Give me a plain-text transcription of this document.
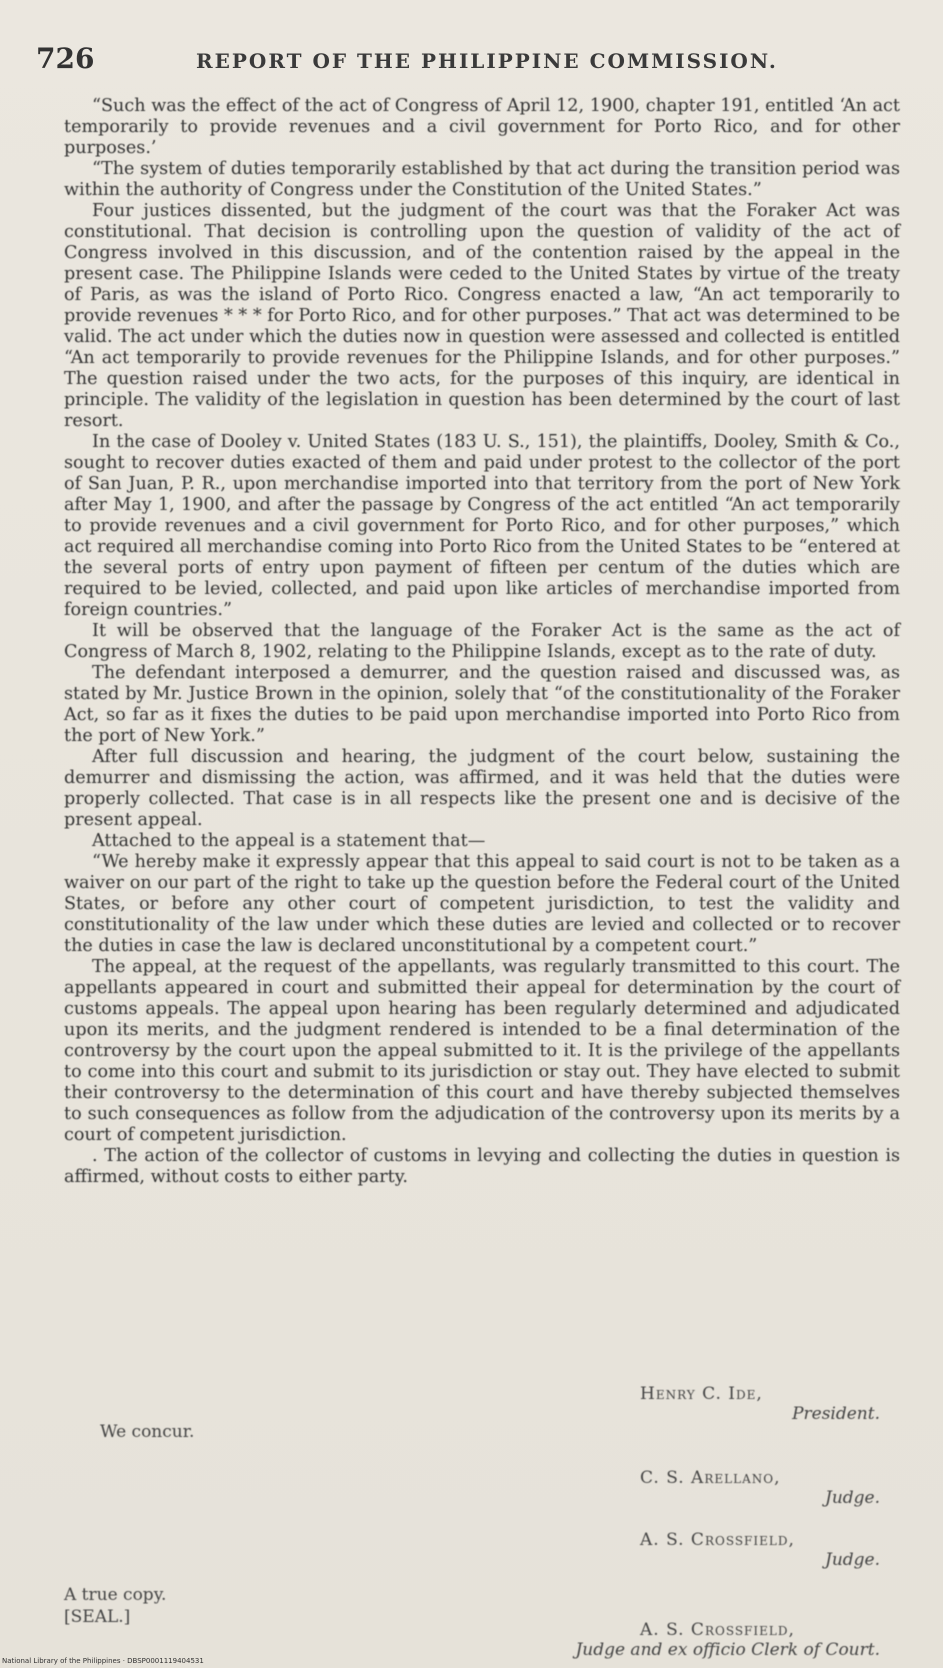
726	REPORT OF THE PHILIPPINE COMMISSION.

“Such was the effect of the act of Congress of April 12, 1900, chapter 191, entitled ‘An act temporarily to provide revenues and a civil government for Porto Rico, and for other purposes.’

“The system of duties temporarily established by that act during the transition period was within the authority of Congress under the Constitution of the United States.”

Four justices dissented, but the judgment of the court was that the Foraker Act was constitutional. That decision is controlling upon the question of validity of the act of Congress involved in this discussion, and of the contention raised by the appeal in the present case. The Philippine Islands were ceded to the United States by virtue of the treaty of Paris, as was the island of Porto Rico. Congress enacted a law, “An act temporarily to provide revenues * * * for Porto Rico, and for other purposes.” That act was determined to be valid. The act under which the duties now in question were assessed and collected is entitled “An act temporarily to provide revenues for the Philippine Islands, and for other purposes.” The question raised under the two acts, for the purposes of this inquiry, are identical in principle. The validity of the legislation in question has been determined by the court of last resort.

In the case of Dooley v. United States (183 U. S., 151), the plaintiffs, Dooley, Smith & Co., sought to recover duties exacted of them and paid under protest to the collector of the port of San Juan, P. R., upon merchandise imported into that territory from the port of New York after May 1, 1900, and after the passage by Congress of the act entitled “An act temporarily to provide revenues and a civil government for Porto Rico, and for other purposes,” which act required all merchandise coming into Porto Rico from the United States to be “entered at the several ports of entry upon payment of fifteen per centum of the duties which are required to be levied, collected, and paid upon like articles of merchandise imported from foreign countries.”

It will be observed that the language of the Foraker Act is the same as the act of Congress of March 8, 1902, relating to the Philippine Islands, except as to the rate of duty.

The defendant interposed a demurrer, and the question raised and discussed was, as stated by Mr. Justice Brown in the opinion, solely that “of the constitutionality of the Foraker Act, so far as it fixes the duties to be paid upon merchandise imported into Porto Rico from the port of New York.”

After full discussion and hearing, the judgment of the court below, sustaining the demurrer and dismissing the action, was affirmed, and it was held that the duties were properly collected. That case is in all respects like the present one and is decisive of the present appeal.

Attached to the appeal is a statement that—

“We hereby make it expressly appear that this appeal to said court is not to be taken as a waiver on our part of the right to take up the question before the Federal court of the United States, or before any other court of competent jurisdiction, to test the validity and constitutionality of the law under which these duties are levied and collected or to recover the duties in case the law is declared unconstitutional by a competent court.”

The appeal, at the request of the appellants, was regularly transmitted to this court. The appellants appeared in court and submitted their appeal for determination by the court of customs appeals. The appeal upon hearing has been regularly determined and adjudicated upon its merits, and the judgment rendered is intended to be a final determination of the controversy by the court upon the appeal submitted to it. It is the privilege of the appellants to come into this court and submit to its jurisdiction or stay out. They have elected to submit their controversy to the determination of this court and have thereby subjected themselves to such consequences as follow from the adjudication of the controversy upon its merits by a court of competent jurisdiction.

. The action of the collector of customs in levying and collecting the duties in question is affirmed, without costs to either party.

Henry C. Ide,
President.
We concur.
C. S. Arellano,
Judge.
A. S. Crossfield,
Judge.
A true copy.
[SEAL.]
A. S. Crossfield,
Judge and ex officio Clerk of Court.
National Library of the Philippines · DBSP0001119404531
